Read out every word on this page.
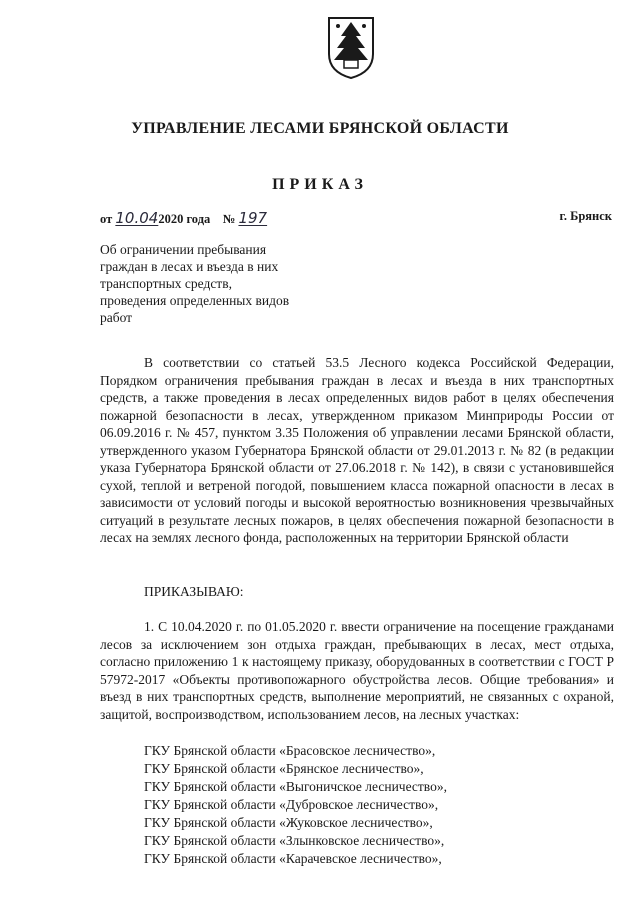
УПРАВЛЕНИЕ ЛЕСАМИ БРЯНСКОЙ ОБЛАСТИ
ПРИКАЗ
от 10.042020 года № 197	г. Брянск
Об ограничении пребывания граждан в лесах и въезда в них транспортных средств, проведения определенных видов работ

В соответствии со статьей 53.5 Лесного кодекса Российской Федерации, Порядком ограничения пребывания граждан в лесах и въезда в них транспортных средств, а также проведения в лесах определенных видов работ в целях обеспечения пожарной безопасности в лесах, утвержденном приказом Минприроды России от 06.09.2016 г. № 457, пунктом 3.35 Положения об управлении лесами Брянской области, утвержденного указом Губернатора Брянской области от 29.01.2013 г. № 82 (в редакции указа Губернатора Брянской области от 27.06.2018 г. № 142), в связи с установившейся сухой, теплой и ветреной погодой, повышением класса пожарной опасности в лесах в зависимости от условий погоды и высокой вероятностью возникновения чрезвычайных ситуаций в результате лесных пожаров, в целях обеспечения пожарной безопасности в лесах на землях лесного фонда, расположенных на территории Брянской области

ПРИКАЗЫВАЮ:
1. С 10.04.2020 г. по 01.05.2020 г. ввести ограничение на посещение гражданами лесов за исключением зон отдыха граждан, пребывающих в лесах, мест отдыха, согласно приложению 1 к настоящему приказу, оборудованных в соответствии с ГОСТ Р 57972-2017 «Объекты противопожарного обустройства лесов. Общие требования» и въезд в них транспортных средств, выполнение мероприятий, не связанных с охраной, защитой, воспроизводством, использованием лесов, на лесных участках:
ГКУ Брянской области «Брасовское лесничество»,
ГКУ Брянской области «Брянское лесничество»,
ГКУ Брянской области «Выгоничское лесничество»,
ГКУ Брянской области «Дубровское лесничество»,
ГКУ Брянской области «Жуковское лесничество»,
ГКУ Брянской области «Злынковское лесничество»,
ГКУ Брянской области «Карачевское лесничество»,
